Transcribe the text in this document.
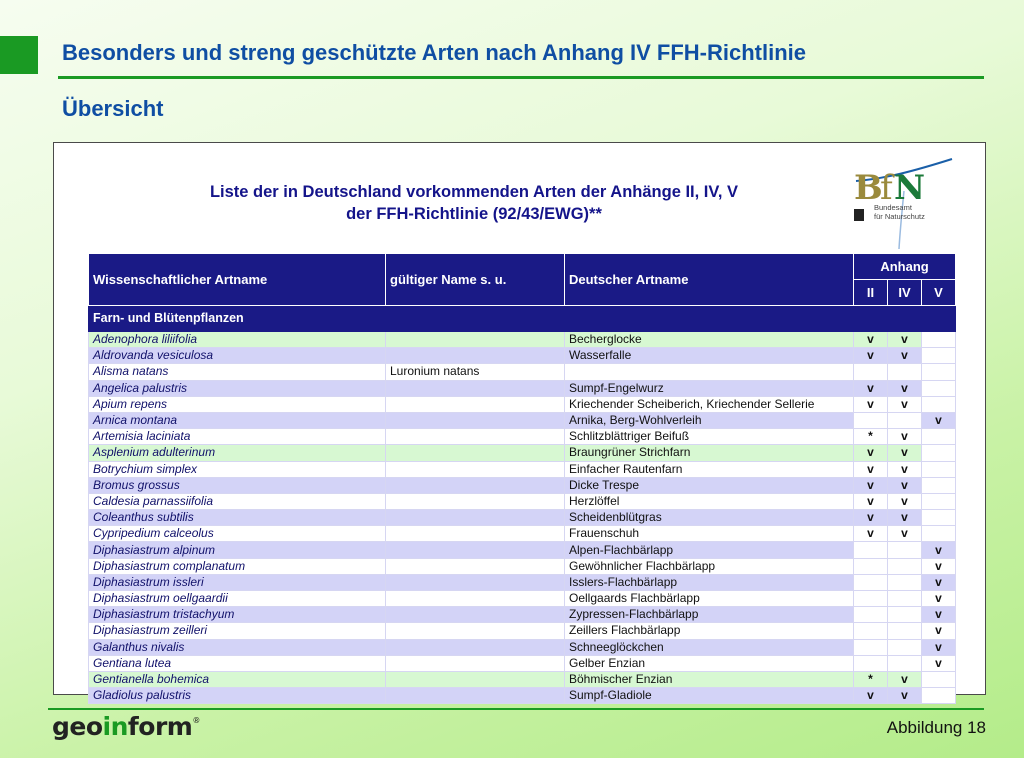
Besonders und streng geschützte Arten nach Anhang IV FFH-Richtlinie
Übersicht
Liste der in Deutschland vorkommenden Arten der Anhänge II, IV, V
der FFH-Richtlinie (92/43/EWG)**
B
f N
Bundesamt
für Naturschutz
Wissenschaftlicher Artname	gültiger Name s. u.	Deutscher Artname	Anhang		
			II	IV	V
Farn- und Blütenpflanzen					
Adenophora liliifolia		Becherglocke	v	v	
Aldrovanda vesiculosa		Wasserfalle	v	v	
Alisma natans	Luronium natans				
Angelica palustris		Sumpf-Engelwurz	v	v	
Apium repens		Kriechender Scheiberich, Kriechender Sellerie	v	v	
Arnica montana		Arnika, Berg-Wohlverleih			v
Artemisia laciniata		Schlitzblättriger Beifuß	*	v	
Asplenium adulterinum		Braungrüner Strichfarn	v	v	
Botrychium simplex		Einfacher Rautenfarn	v	v	
Bromus grossus		Dicke Trespe	v	v	
Caldesia parnassiifolia		Herzlöffel	v	v	
Coleanthus subtilis		Scheidenblütgras	v	v	
Cypripedium calceolus		Frauenschuh	v	v	
Diphasiastrum alpinum		Alpen-Flachbärlapp			v
Diphasiastrum complanatum		Gewöhnlicher Flachbärlapp			v
Diphasiastrum issleri		Isslers-Flachbärlapp			v
Diphasiastrum oellgaardii		Oellgaards Flachbärlapp			v
Diphasiastrum tristachyum		Zypressen-Flachbärlapp			v
Diphasiastrum zeilleri		Zeillers Flachbärlapp			v
Galanthus nivalis		Schneeglöckchen			v
Gentiana lutea		Gelber Enzian			v
Gentianella bohemica		Böhmischer Enzian	*	v	
Gladiolus palustris		Sumpf-Gladiole	v	v	
geoinform®	Abbildung 18
